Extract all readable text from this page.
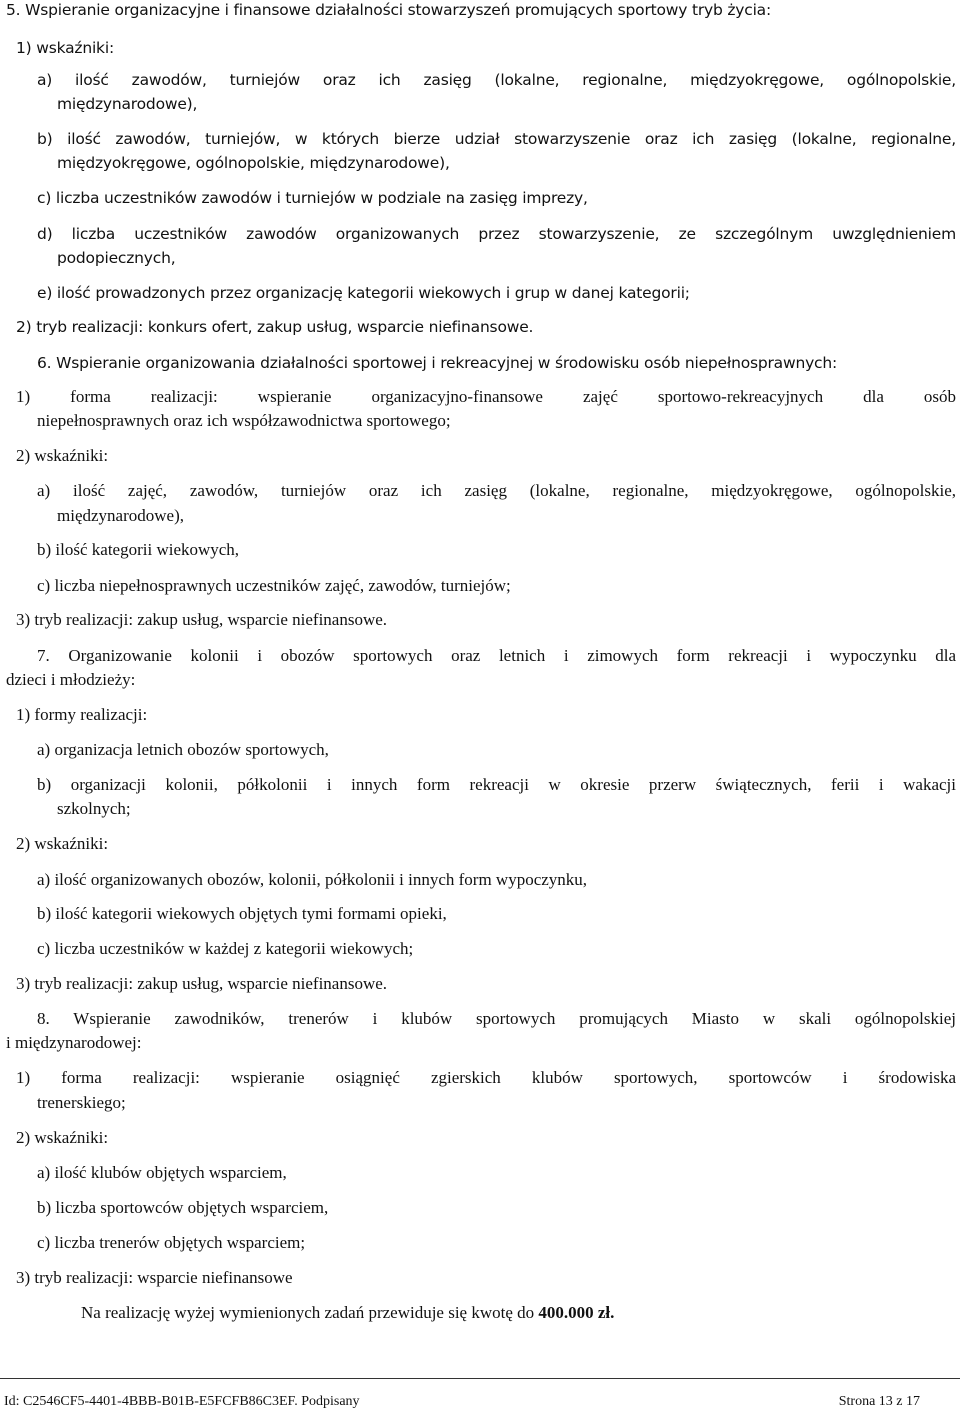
5. Wspieranie organizacyjne i finansowe działalności stowarzyszeń promujących sportowy tryb życia:
1) wskaźniki:
a) ilość zawodów, turniejów oraz ich zasięg (lokalne, regionalne, międzyokręgowe, ogólnopolskie,
międzynarodowe),
b) ilość zawodów, turniejów, w których bierze udział stowarzyszenie oraz ich zasięg (lokalne, regionalne,
międzyokręgowe, ogólnopolskie, międzynarodowe),
c) liczba uczestników zawodów i turniejów w podziale na zasięg imprezy,
d) liczba uczestników zawodów organizowanych przez stowarzyszenie, ze szczególnym uwzględnieniem
podopiecznych,
e) ilość prowadzonych przez organizację kategorii wiekowych i grup w danej kategorii;
2) tryb realizacji: konkurs ofert, zakup usług, wsparcie niefinansowe.
6. Wspieranie organizowania działalności sportowej i rekreacyjnej w środowisku osób niepełnosprawnych:
1) forma realizacji: wspieranie organizacyjno-finansowe zajęć sportowo-rekreacyjnych dla osób
niepełnosprawnych oraz ich współzawodnictwa sportowego;
2) wskaźniki:
a) ilość zajęć, zawodów, turniejów oraz ich zasięg (lokalne, regionalne, międzyokręgowe, ogólnopolskie,
międzynarodowe),
b) ilość kategorii wiekowych,
c) liczba niepełnosprawnych uczestników zajęć, zawodów, turniejów;
3) tryb realizacji: zakup usług, wsparcie niefinansowe.
7. Organizowanie kolonii i obozów sportowych oraz letnich i zimowych form rekreacji i wypoczynku dla
dzieci i młodzieży:
1) formy realizacji:
a) organizacja letnich obozów sportowych,
b) organizacji kolonii, półkolonii i innych form rekreacji w okresie przerw świątecznych, ferii i wakacji
szkolnych;
2) wskaźniki:
a) ilość organizowanych obozów, kolonii, półkolonii i innych form wypoczynku,
b) ilość kategorii wiekowych objętych tymi formami opieki,
c) liczba uczestników w każdej z kategorii wiekowych;
3) tryb realizacji: zakup usług, wsparcie niefinansowe.
8. Wspieranie zawodników, trenerów i klubów sportowych promujących Miasto w skali ogólnopolskiej
i międzynarodowej:
1) forma realizacji: wspieranie osiągnięć zgierskich klubów sportowych, sportowców i środowiska
trenerskiego;
2) wskaźniki:
a) ilość klubów objętych wsparciem,
b) liczba sportowców objętych wsparciem,
c) liczba trenerów objętych wsparciem;
3) tryb realizacji: wsparcie niefinansowe
Na realizację wyżej wymienionych zadań przewiduje się kwotę do 400.000 zł.
Id: C2546CF5-4401-4BBB-B01B-E5FCFB86C3EF. Podpisany	Strona 13 z 17
